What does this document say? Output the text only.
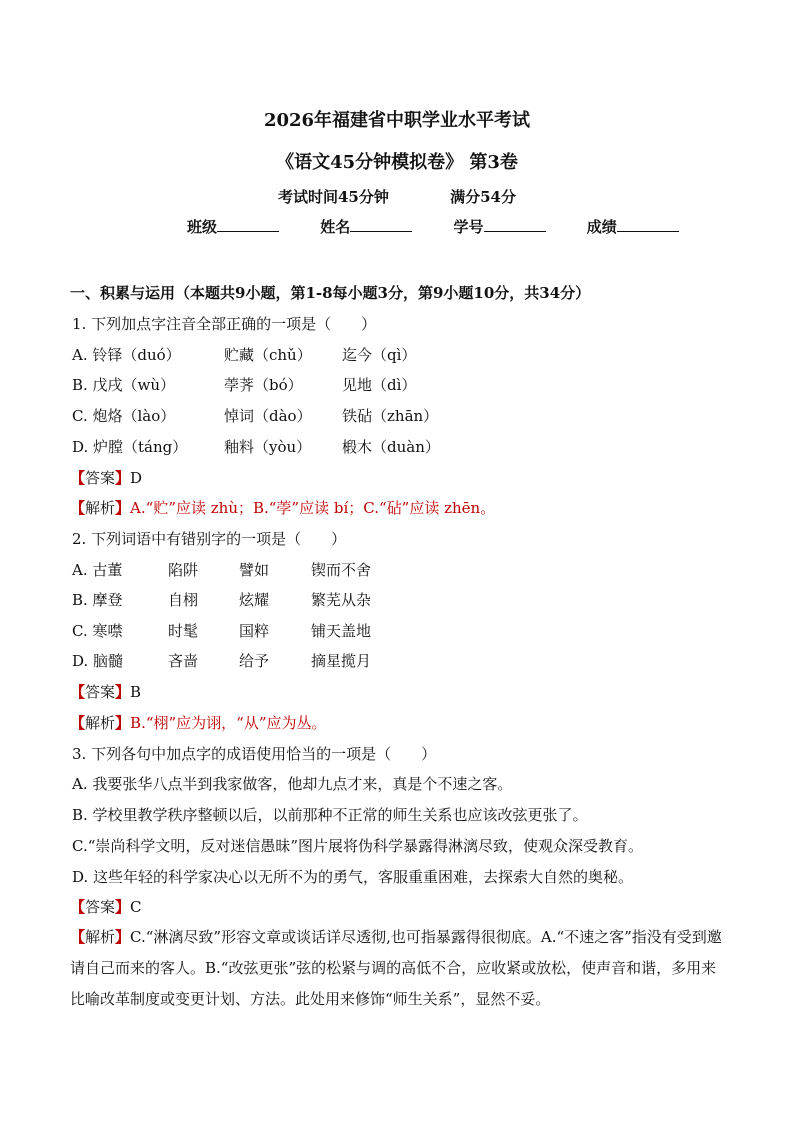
2026年福建省中职学业水平考试
《语文45分钟模拟卷》 第3卷
考试时间45分钟	满分54分
班级	姓名	学号	成绩
一、积累与运用（本题共9小题，第1-8每小题3分，第9小题10分，共34分）
1. 下列加点字注音全部正确的一项是（　　）
A. 铃铎（duó）	贮藏（chǔ） 迄今（qì）
B. 戊戌（wù）	荸荠（bó）	见地（dì）
C. 炮烙（lào）	悼词（dào） 铁砧（zhān）
D. 炉膛（táng） 釉料（yòu） 椴木（duàn）
【答案】D
【解析】A.“贮”应读 zhù；B.“荸”应读 bí；C.“砧”应读 zhēn。
2. 下列词语中有错别字的一项是（　　）
A. 古董	陷阱	譬如	锲而不舍
B. 摩登	自栩	炫耀	繁芜从杂
C. 寒噤	时髦	国粹	铺天盖地
D. 脑髓	吝啬	给予	摘星揽月
【答案】B
【解析】B.“栩”应为诩，“从”应为丛。
3. 下列各句中加点字的成语使用恰当的一项是（　　）
A. 我要张华八点半到我家做客，他却九点才来，真是个不速之客。
B. 学校里教学秩序整顿以后，以前那种不正常的师生关系也应该改弦更张了。
C.“崇尚科学文明，反对迷信愚昧”图片展将伪科学暴露得淋漓尽致，使观众深受教育。
D. 这些年轻的科学家决心以无所不为的勇气，客服重重困难，去探索大自然的奥秘。
【答案】C
【解析】C.“淋漓尽致”形容文章或谈话详尽透彻,也可指暴露得很彻底。A.“不速之客”指没有受到邀请自己而来的客人。B.“改弦更张”弦的松紧与调的高低不合，应收紧或放松，使声音和谐，多用来比喻改革制度或变更计划、方法。此处用来修饰“师生关系”，显然不妥。
